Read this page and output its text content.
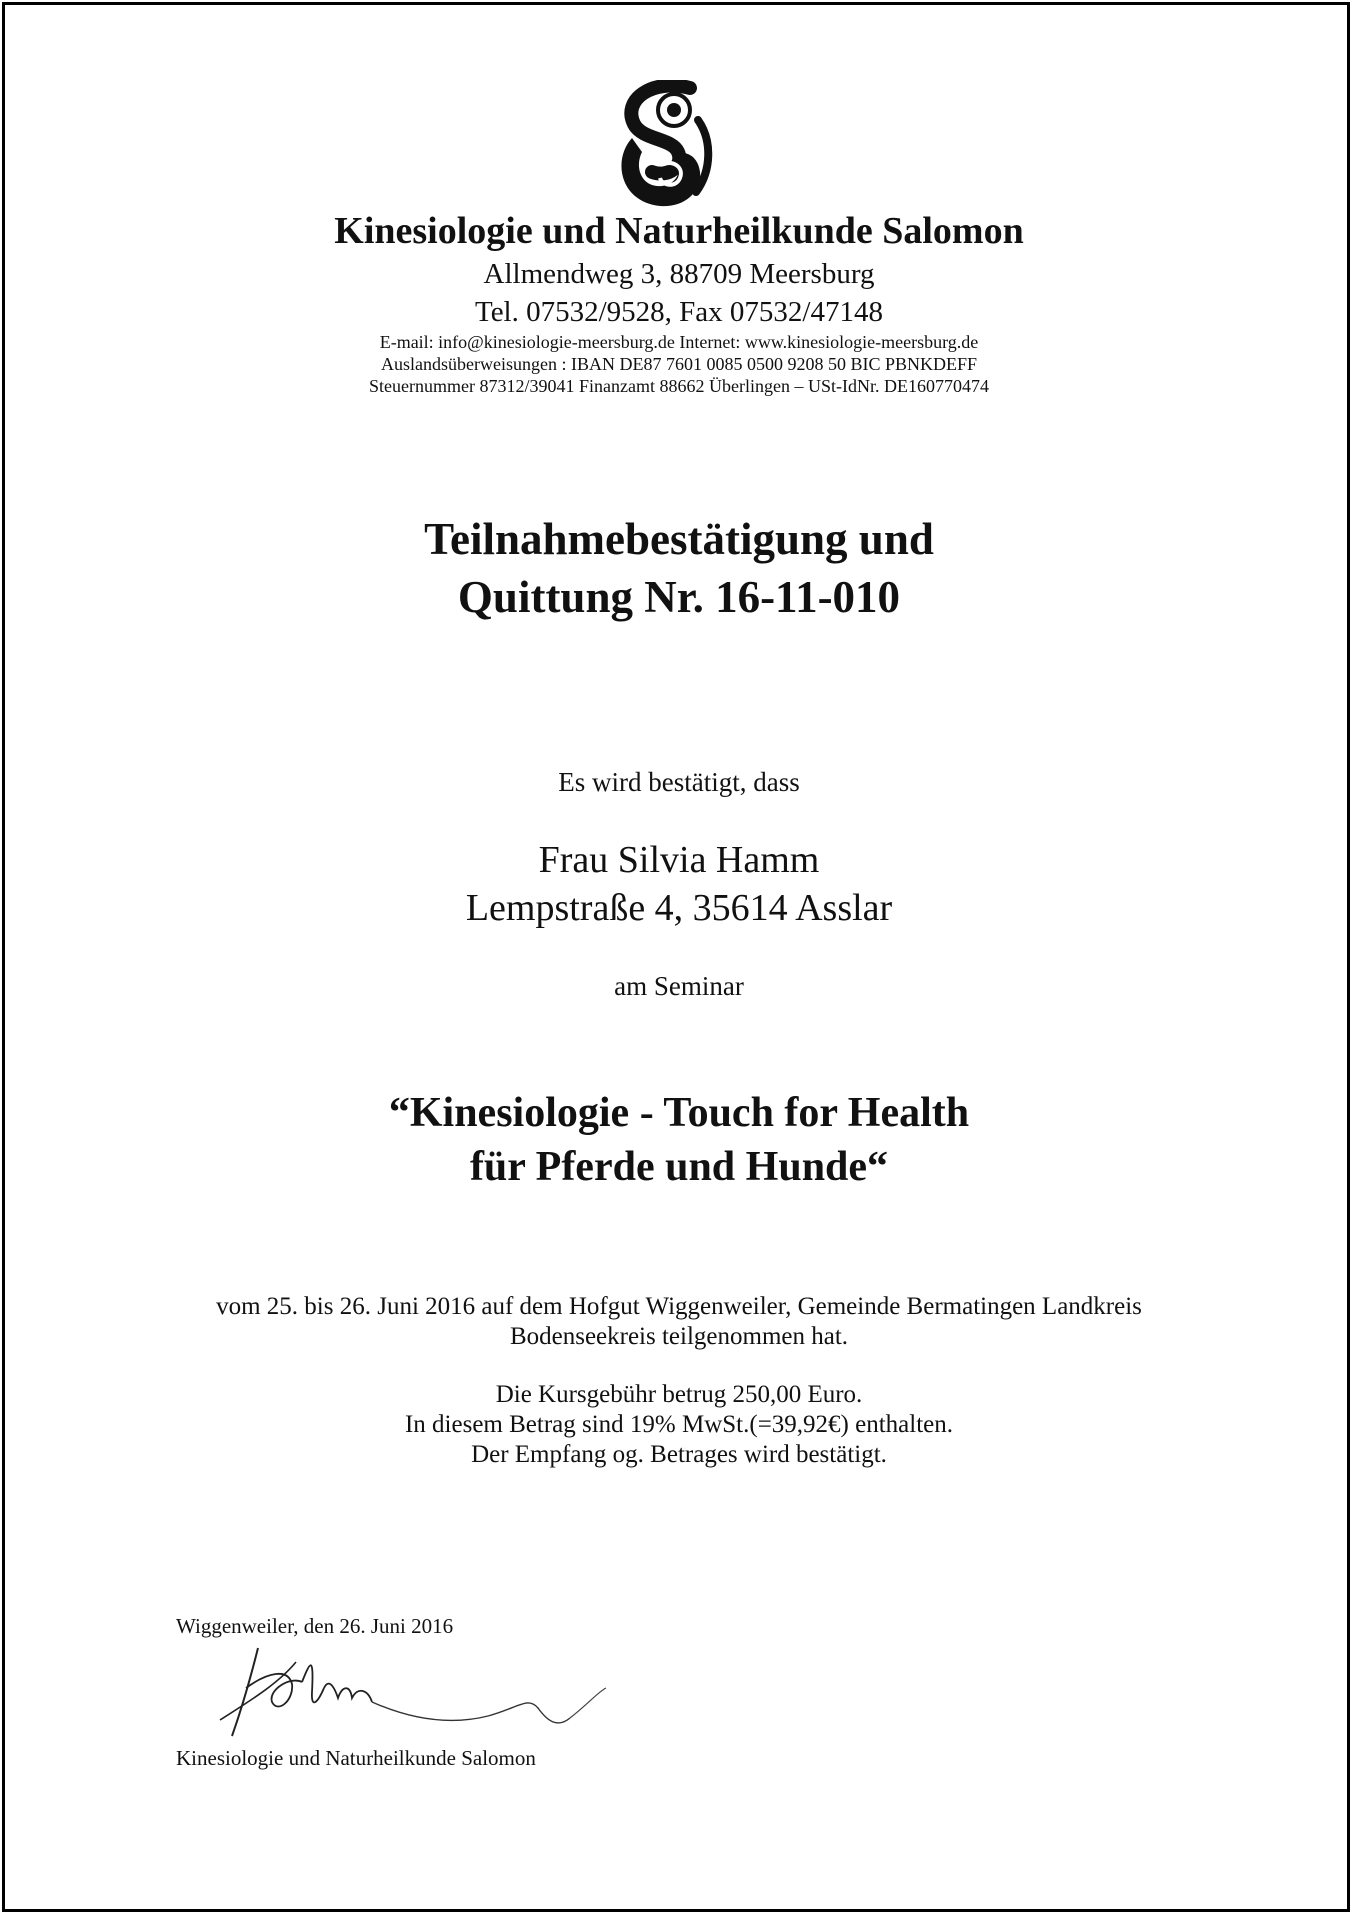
Kinesiologie und Naturheilkunde Salomon

Allmendweg 3, 88709 Meersburg

Tel. 07532/9528, Fax 07532/47148

E-mail: info@kinesiologie-meersburg.de Internet: www.kinesiologie-meersburg.de

Auslandsüberweisungen : IBAN DE87 7601 0085 0500 9208 50 BIC PBNKDEFF

Steuernummer 87312/39041 Finanzamt 88662 Überlingen – USt-IdNr. DE160770474

Teilnahmebestätigung und
Quittung Nr. 16-11-010

Es wird bestätigt, dass

Frau Silvia Hamm

Lempstraße 4, 35614 Asslar

am Seminar

“Kinesiologie - Touch for Health
für Pferde und Hunde“
vom 25. bis 26. Juni 2016 auf dem Hofgut Wiggenweiler, Gemeinde Bermatingen Landkreis
Bodenseekreis teilgenommen hat.
Die Kursgebühr betrug 250,00 Euro.
In diesem Betrag sind 19% MwSt.(=39,92€) enthalten.
Der Empfang og. Betrages wird bestätigt.
Wiggenweiler, den 26. Juni 2016
Kinesiologie und Naturheilkunde Salomon
